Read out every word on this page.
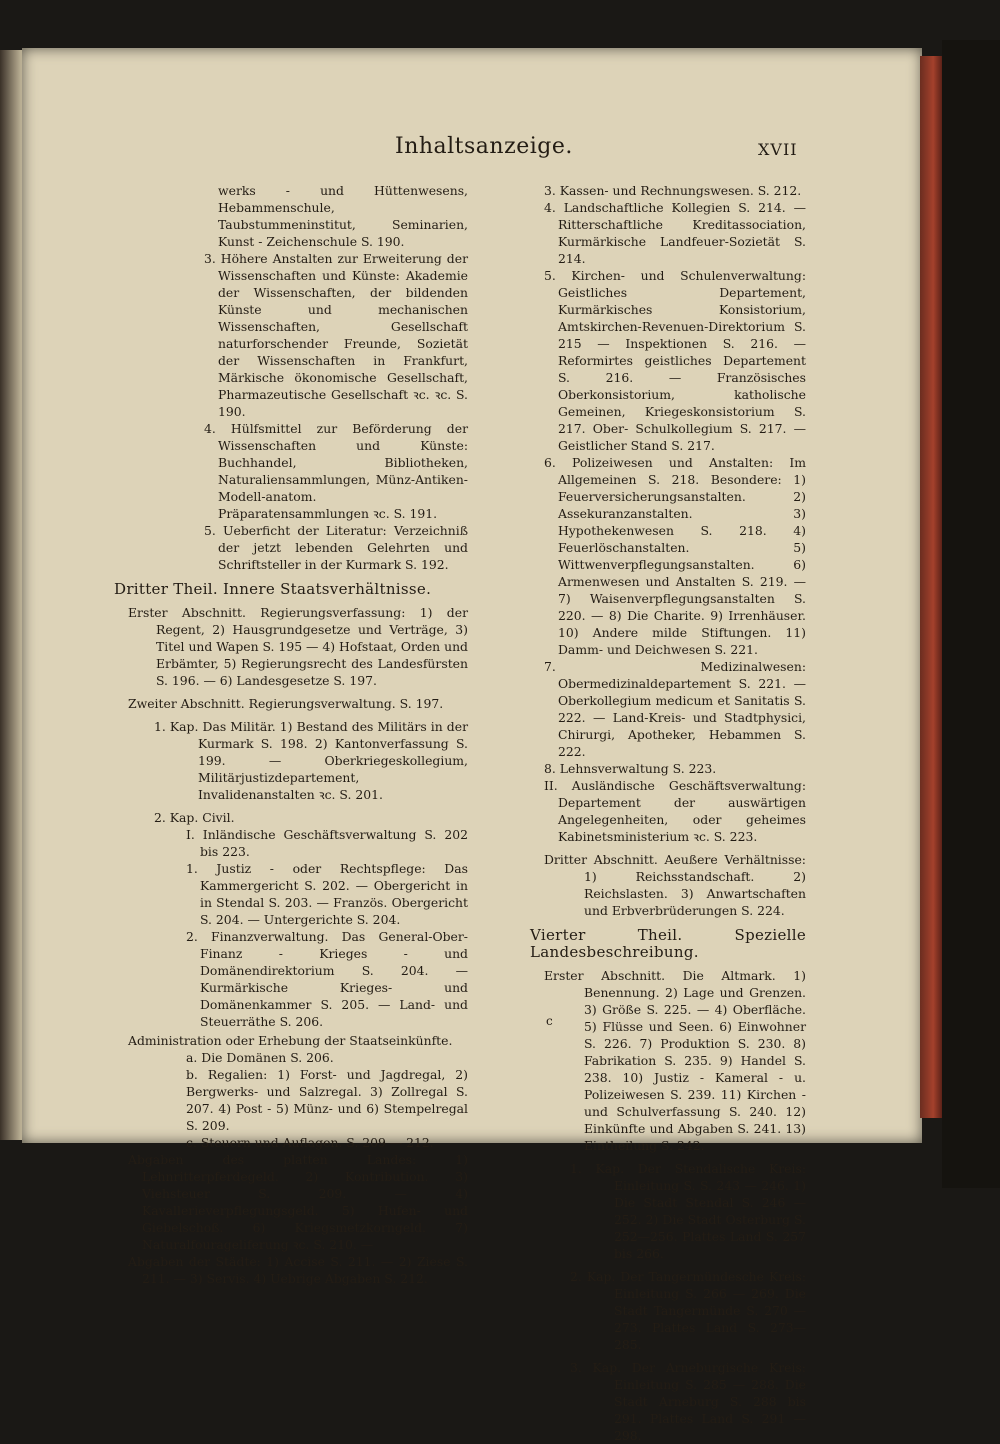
Inhaltsanzeige.	XVII

werks - und Hüttenwesens, Hebammenschule, Taubstummeninstitut, Seminarien, Kunst - Zeichenschule S. 190.

3. Höhere Anstalten zur Erweiterung der Wissenschaften und Künste: Akademie der Wissenschaften, der bildenden Künste und mechanischen Wissenschaften, Gesellschaft naturforschender Freunde, Sozietät der Wissenschaften in Frankfurt, Märkische ökonomische Gesellschaft, Pharmazeutische Gesellschaft ꝛc. ꝛc. S. 190.

4. Hülfsmittel zur Beförderung der Wissenschaften und Künste: Buchhandel, Bibliotheken, Naturaliensammlungen, Münz-Antiken-Modell-anatom. Präparatensammlungen ꝛc. S. 191.

5. Ueberficht der Literatur: Verzeichniß der jetzt lebenden Gelehrten und Schriftsteller in der Kurmark S. 192.

Dritter Theil. Innere Staatsverhältnisse.

Erster Abschnitt. Regierungsverfassung: 1) der Regent, 2) Hausgrundgesetze und Verträge, 3) Titel und Wapen S. 195 — 4) Hofstaat, Orden und Erbämter, 5) Regierungsrecht des Landesfürsten S. 196. — 6) Landesgesetze S. 197.

Zweiter Abschnitt. Regierungsverwaltung. S. 197.

1. Kap. Das Militär. 1) Bestand des Militärs in der Kurmark S. 198. 2) Kantonverfassung S. 199. — Oberkriegeskollegium, Militärjustizdepartement, Invalidenanstalten ꝛc. S. 201.

2. Kap. Civil.

I. Inländische Geschäftsverwaltung S. 202 bis 223.

1. Justiz - oder Rechtspflege: Das Kammergericht S. 202. — Obergericht in in Stendal S. 203. — Französ. Obergericht S. 204. — Untergerichte S. 204.

2. Finanzverwaltung. Das General-Ober-Finanz - Krieges - und Domänendirektorium S. 204. — Kurmärkische Krieges- und Domänenkammer S. 205. — Land- und Steuerräthe S. 206.

Administration oder Erhebung der Staatseinkünfte.

a. Die Domänen S. 206.

b. Regalien: 1) Forst- und Jagdregal, 2) Bergwerks- und Salzregal. 3) Zollregal S. 207. 4) Post - 5) Münz- und 6) Stempelregal S. 209.

c. Steuern und Auflagen. S. 209 — 212.

Abgaben des platten Landes: 1) Lehnritterpferdegeld. 2) Kontribution. 3) Viehsteuer S. 209. — 4) Kavallerieverpflegungsgeld. 5) Hufen- und Giebelschoß. 6) Kriegsmetzkorngeld. 7) Naturalfourageliferung ꝛc. S. 210. —

Abgaben der Städte: 1) Accise S. 211. — 2) Ziese S. 211. — 3) Servis. 4) Uebrige Abgaben S. 212.

3. Kassen- und Rechnungswesen. S. 212.

4. Landschaftliche Kollegien S. 214. — Ritterschaftliche Kreditassociation, Kurmärkische Landfeuer-Sozietät S. 214.

5. Kirchen- und Schulenverwaltung: Geistliches Departement, Kurmärkisches Konsistorium, Amtskirchen-Revenuen-Direktorium S. 215 — Inspektionen S. 216. — Reformirtes geistliches Departement S. 216. — Französisches Oberkonsistorium, katholische Gemeinen, Kriegeskonsistorium S. 217. Ober- Schulkollegium S. 217. — Geistlicher Stand S. 217.

6. Polizeiwesen und Anstalten: Im Allgemeinen S. 218. Besondere: 1) Feuerversicherungsanstalten. 2) Assekuranzanstalten. 3) Hypothekenwesen S. 218. 4) Feuerlöschanstalten. 5) Wittwenverpflegungsanstalten. 6) Armenwesen und Anstalten S. 219. — 7) Waisenverpflegungsanstalten S. 220. — 8) Die Charite. 9) Irrenhäuser. 10) Andere milde Stiftungen. 11) Damm- und Deichwesen S. 221.

7. Medizinalwesen: Obermedizinaldepartement S. 221. — Oberkollegium medicum et Sanitatis S. 222. — Land-Kreis- und Stadtphysici, Chirurgi, Apotheker, Hebammen S. 222.

8. Lehnsverwaltung S. 223.

II. Ausländische Geschäftsverwaltung: Departement der auswärtigen Angelegenheiten, oder geheimes Kabinetsministerium ꝛc. S. 223.

Dritter Abschnitt. Aeußere Verhältnisse: 1) Reichsstandschaft. 2) Reichslasten. 3) Anwartschaften und Erbverbrüderungen S. 224.

Vierter Theil. Spezielle Landesbeschreibung.

Erster Abschnitt. Die Altmark. 1) Benennung. 2) Lage und Grenzen. 3) Größe S. 225. — 4) Oberfläche. 5) Flüsse und Seen. 6) Einwohner S. 226. 7) Produktion S. 230. 8) Fabrikation S. 235. 9) Handel S. 238. 10) Justiz - Kameral - u. Polizeiwesen S. 239. 11) Kirchen - und Schulverfassung S. 240. 12) Einkünfte und Abgaben S. 241. 13) Eintheilung S. 242.

1. Kap. Der Stendalische Kreis: Einleitung S. S. 243 — 246. 1) Die Stadt Stendal S. 246 — 252. 2) Die Stadt Osterburg S. 252—256. Plattes Land S. 257 bis 266.

2. Kap. Der Tangermündesche Kreis: Einleitung S. 266 — 269. Die Stadt Tangermünde S. 270 — 273. Plattes Land S. 273—285.

3. Kap. Der Arneburgische Kreis: Einleitung S. 285 — 288. Die Stadt Arneburg S. 288 bis 291. Plattes Land S. 291 — 298.

c
